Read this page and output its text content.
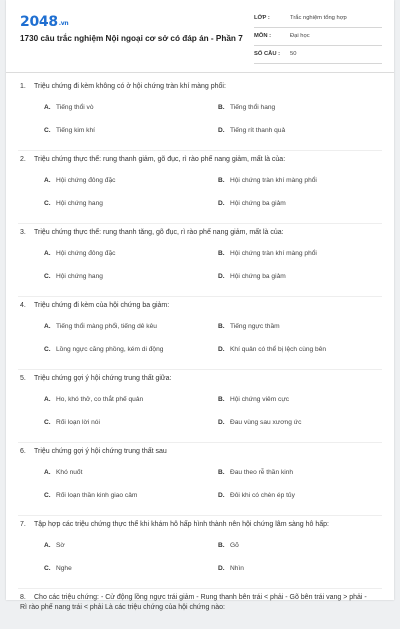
2048.vn
1730 câu trắc nghiệm Nội ngoại cơ sở có đáp án - Phần 7
LỚP :	Trắc nghiệm tổng hợp
MÔN :	Đại học
SỐ CÂU : 50
1. Triệu chứng đi kèm không có ở hội chứng tràn khí màng phổi:
A. Tiếng thổi vò	B. Tiếng thổi hang
C. Tiếng kim khí	D. Tiếng rít thanh quả
2. Triệu chứng thực thể: rung thanh giảm, gõ đục, rì rào phế nang giảm, mất là của:
A. Hội chứng đông đặc	B. Hội chứng tràn khí màng phổi
C. Hội chứng hang	D. Hội chứng ba giảm
3. Triệu chứng thực thể: rung thanh tăng, gõ đục, rì rào phế nang giảm, mất là của:
A. Hội chứng đông đặc	B. Hội chứng tràn khí màng phổi
C. Hội chứng hang	D. Hội chứng ba giảm
4. Triệu chứng đi kèm của hội chứng ba giảm:
A. Tiếng thổi màng phổi, tiếng dê kêu	B. Tiếng ngực thầm
C. Lồng ngực căng phồng, kém di động	D. Khí quản có thể bị lệch cùng bên
5. Triệu chứng gợi ý hội chứng trung thất giữa:
A. Ho, khó thở, co thắt phế quản	B. Hội chứng viêm cực
C. Rối loạn lời nói	D. Đau vùng sau xương ức
6. Triệu chứng gợi ý hội chứng trung thất sau
A. Khó nuốt	B. Đau theo rễ thần kinh
C. Rối loạn thần kinh giao cảm	D. Đôi khi có chèn ép tủy
7. Tập hợp các triệu chứng thực thể khi khám hô hấp hình thành nên hội chứng lâm sàng hô hấp:
A. Sờ	B. Gõ
C. Nghe	D. Nhìn
8. Cho các triệu chứng: - Cử động lồng ngực trái giảm - Rung thanh bên trái < phải - Gõ bên trái vang > phải - Rì rào phế nang trái < phải Là các triệu chứng của hội chứng nào:
